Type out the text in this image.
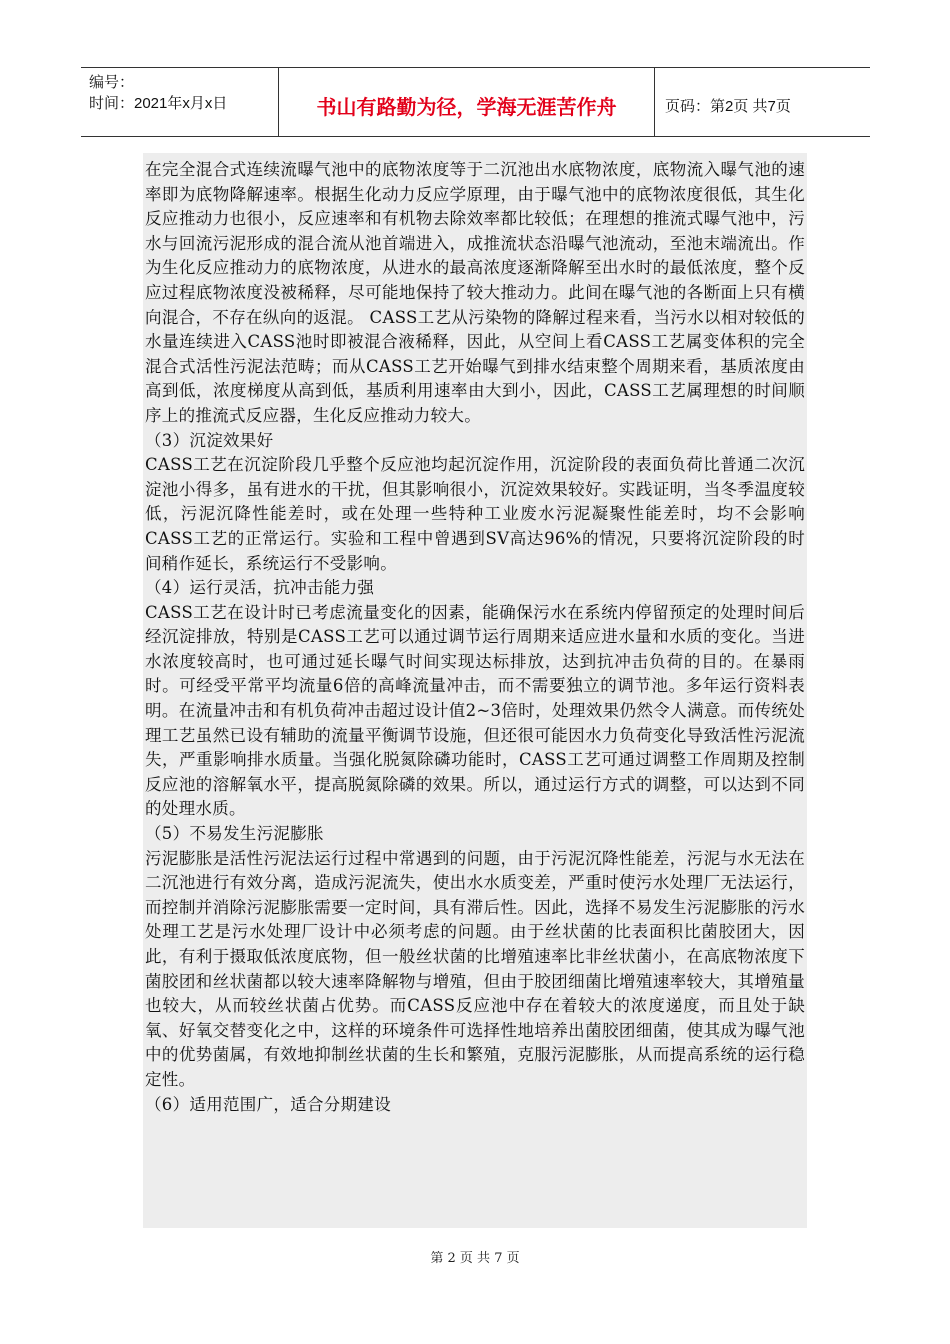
编号：
时间：2021年x月x日	书山有路勤为径，学海无涯苦作舟	页码：第2页 共7页

在完全混合式连续流曝气池中的底物浓度等于二沉池出水底物浓度，底物流入曝气池的速率即为底物降解速率。根据生化动力反应学原理，由于曝气池中的底物浓度很低，其生化反应推动力也很小，反应速率和有机物去除效率都比较低；在理想的推流式曝气池中，污水与回流污泥形成的混合流从池首端进入，成推流状态沿曝气池流动，至池末端流出。作为生化反应推动力的底物浓度，从进水的最高浓度逐渐降解至出水时的最低浓度，整个反应过程底物浓度没被稀释，尽可能地保持了较大推动力。此间在曝气池的各断面上只有横向混合，不存在纵向的返混。 CASS工艺从污染物的降解过程来看，当污水以相对较低的水量连续进入CASS池时即被混合液稀释，因此，从空间上看CASS工艺属变体积的完全混合式活性污泥法范畴；而从CASS工艺开始曝气到排水结束整个周期来看，基质浓度由高到低，浓度梯度从高到低，基质利用速率由大到小，因此，CASS工艺属理想的时间顺序上的推流式反应器，生化反应推动力较大。
（3）沉淀效果好
CASS工艺在沉淀阶段几乎整个反应池均起沉淀作用，沉淀阶段的表面负荷比普通二次沉淀池小得多，虽有进水的干扰，但其影响很小，沉淀效果较好。实践证明，当冬季温度较低，污泥沉降性能差时，或在处理一些特种工业废水污泥凝聚性能差时，均不会影响CASS工艺的正常运行。实验和工程中曾遇到SV高达96%的情况，只要将沉淀阶段的时间稍作延长，系统运行不受影响。
（4）运行灵活，抗冲击能力强
CASS工艺在设计时已考虑流量变化的因素，能确保污水在系统内停留预定的处理时间后经沉淀排放，特别是CASS工艺可以通过调节运行周期来适应进水量和水质的变化。当进水浓度较高时，也可通过延长曝气时间实现达标排放，达到抗冲击负荷的目的。在暴雨时。可经受平常平均流量6倍的高峰流量冲击，而不需要独立的调节池。多年运行资料表明。在流量冲击和有机负荷冲击超过设计值2~3倍时，处理效果仍然令人满意。而传统处理工艺虽然已设有辅助的流量平衡调节设施，但还很可能因水力负荷变化导致活性污泥流失，严重影响排水质量。当强化脱氮除磷功能时，CASS工艺可通过调整工作周期及控制反应池的溶解氧水平，提高脱氮除磷的效果。所以，通过运行方式的调整，可以达到不同的处理水质。
（5）不易发生污泥膨胀
污泥膨胀是活性污泥法运行过程中常遇到的问题，由于污泥沉降性能差，污泥与水无法在二沉池进行有效分离，造成污泥流失，使出水水质变差，严重时使污水处理厂无法运行，而控制并消除污泥膨胀需要一定时间，具有滞后性。因此，选择不易发生污泥膨胀的污水处理工艺是污水处理厂设计中必须考虑的问题。由于丝状菌的比表面积比菌胶团大，因此，有利于摄取低浓度底物，但一般丝状菌的比增殖速率比非丝状菌小，在高底物浓度下菌胶团和丝状菌都以较大速率降解物与增殖，但由于胶团细菌比增殖速率较大，其增殖量也较大，从而较丝状菌占优势。而CASS反应池中存在着较大的浓度递度，而且处于缺氧、好氧交替变化之中，这样的环境条件可选择性地培养出菌胶团细菌，使其成为曝气池中的优势菌属，有效地抑制丝状菌的生长和繁殖，克服污泥膨胀，从而提高系统的运行稳定性。
（6）适用范围广，适合分期建设

第 2 页 共 7 页
